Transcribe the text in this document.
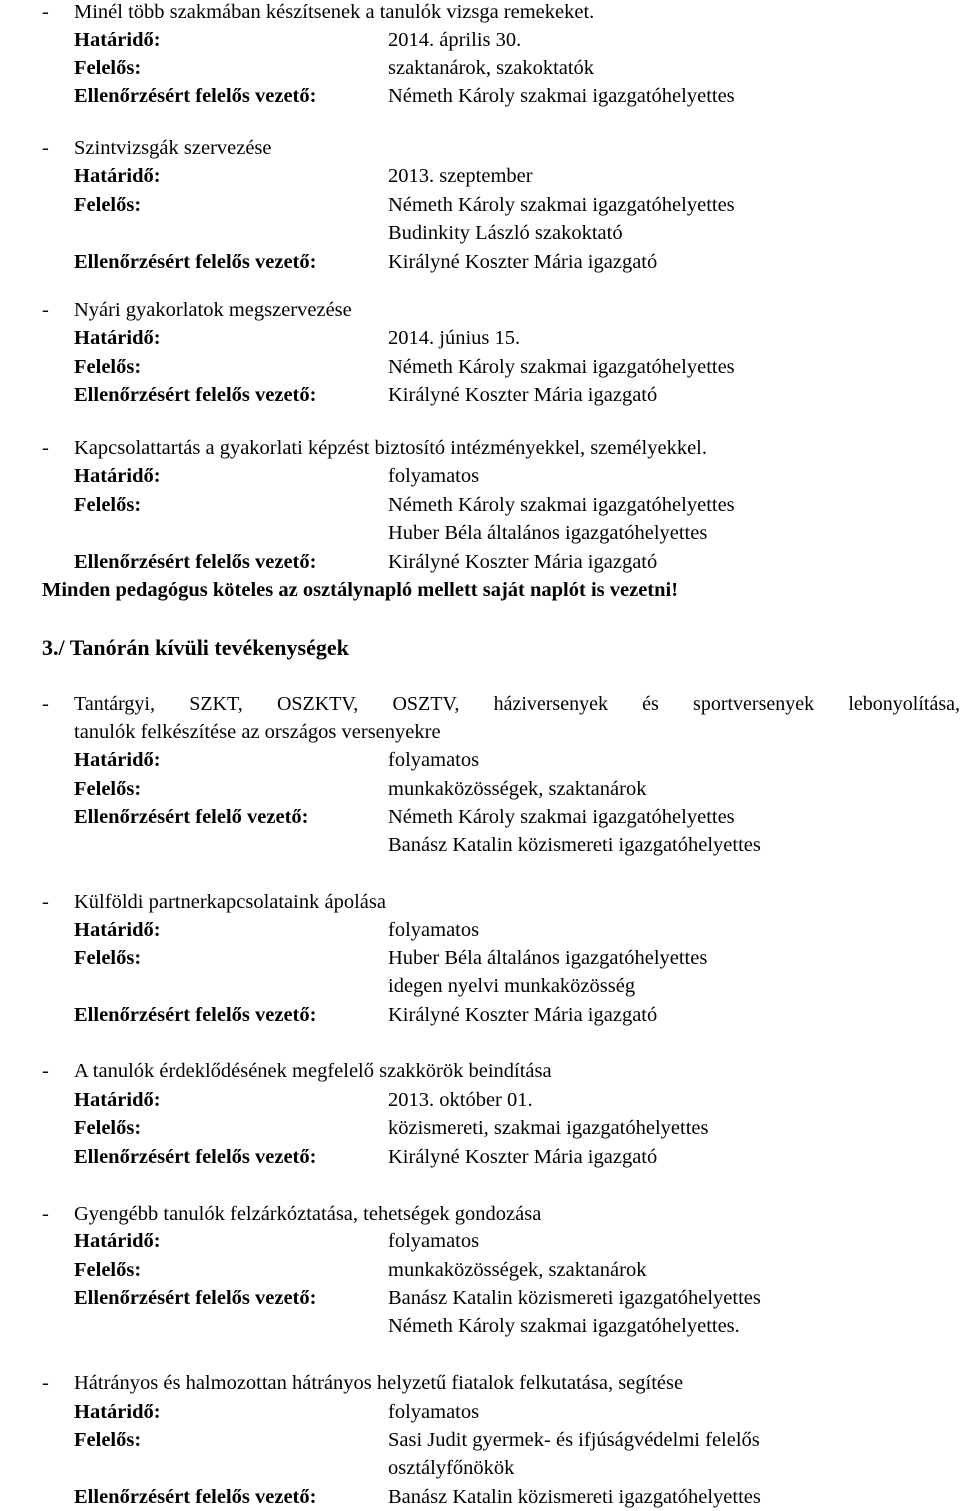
- Minél több szakmában készítsenek a tanulók vizsga remekeket.
Határidő:	2014. április 30.
Felelős:	szaktanárok, szakoktatók
Ellenőrzésért felelős vezető:	Németh Károly szakmai igazgatóhelyettes
- Szintvizsgák szervezése
Határidő:	2013. szeptember
Felelős:	Németh Károly szakmai igazgatóhelyettes
Budinkity László szakoktató
Ellenőrzésért felelős vezető:	Királyné Koszter Mária igazgató
- Nyári gyakorlatok megszervezése
Határidő:	2014. június 15.
Felelős:	Németh Károly szakmai igazgatóhelyettes
Ellenőrzésért felelős vezető:	Királyné Koszter Mária igazgató
- Kapcsolattartás a gyakorlati képzést biztosító intézményekkel, személyekkel.
Határidő:	folyamatos
Felelős:	Németh Károly szakmai igazgatóhelyettes
Huber Béla általános igazgatóhelyettes
Ellenőrzésért felelős vezető:	Királyné Koszter Mária igazgató
Minden pedagógus köteles az osztálynapló mellett saját naplót is vezetni!
3./ Tanórán kívüli tevékenységek
- Tantárgyi, SZKT, OSZKTV, OSZTV, háziversenyek és sportversenyek lebonyolítása,
tanulók felkészítése az országos versenyekre
Határidő:	folyamatos
Felelős:	munkaközösségek, szaktanárok
Ellenőrzésért felelő vezető:	Németh Károly szakmai igazgatóhelyettes
Banász Katalin közismereti igazgatóhelyettes
- Külföldi partnerkapcsolataink ápolása
Határidő:	folyamatos
Felelős:	Huber Béla általános igazgatóhelyettes
idegen nyelvi munkaközösség
Ellenőrzésért felelős vezető:	Királyné Koszter Mária igazgató
- A tanulók érdeklődésének megfelelő szakkörök beindítása
Határidő:	2013. október 01.
Felelős:	közismereti, szakmai igazgatóhelyettes
Ellenőrzésért felelős vezető:	Királyné Koszter Mária igazgató
- Gyengébb tanulók felzárkóztatása, tehetségek gondozása
Határidő:	folyamatos
Felelős:	munkaközösségek, szaktanárok
Ellenőrzésért felelős vezető:	Banász Katalin közismereti igazgatóhelyettes
Németh Károly szakmai igazgatóhelyettes.
- Hátrányos és halmozottan hátrányos helyzetű fiatalok felkutatása, segítése
Határidő:	folyamatos
Felelős:	Sasi Judit gyermek- és ifjúságvédelmi felelős
osztályfőnökök
Ellenőrzésért felelős vezető:	Banász Katalin közismereti igazgatóhelyettes
